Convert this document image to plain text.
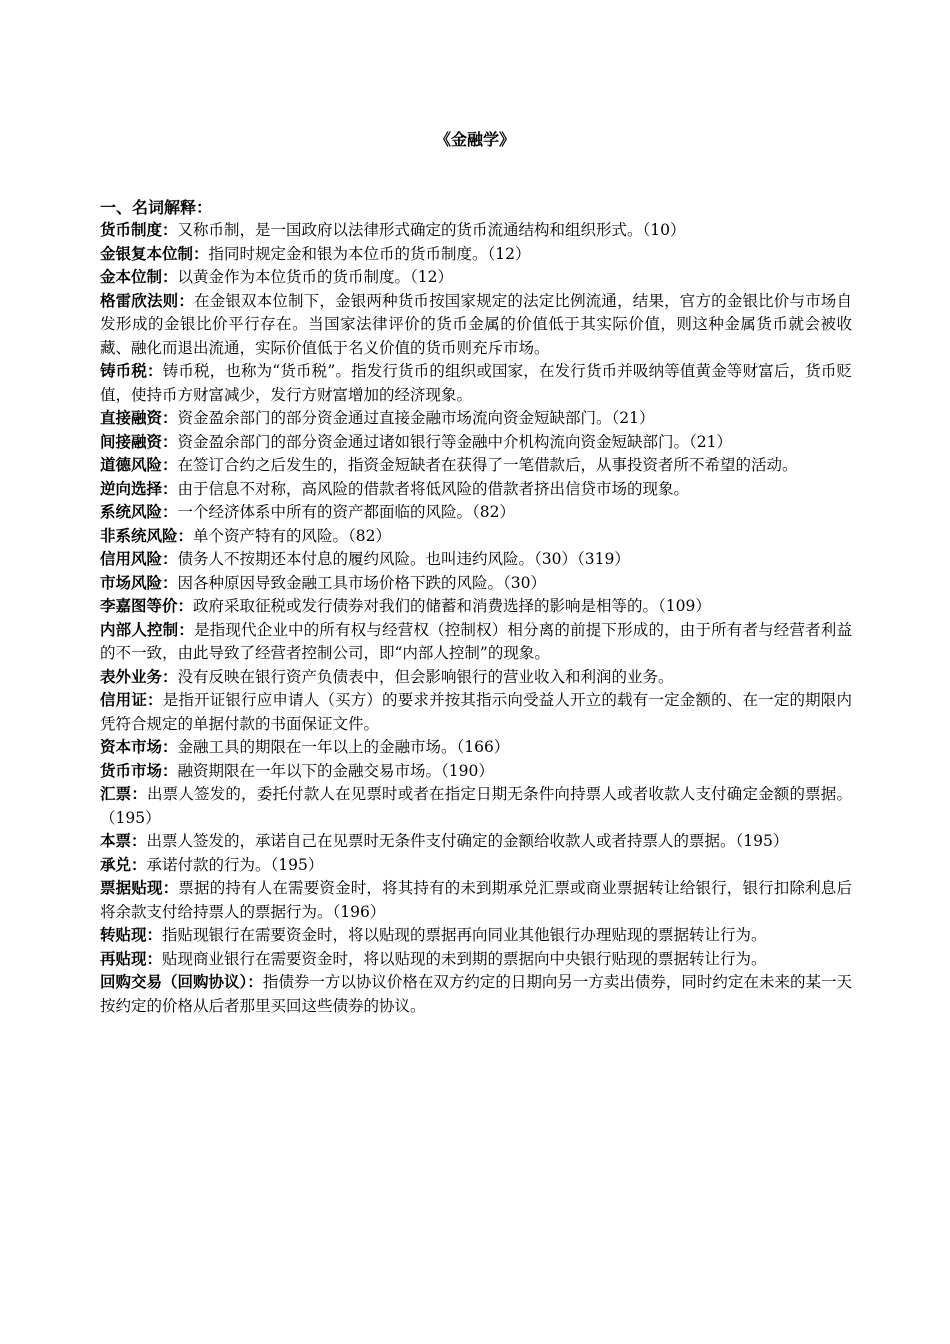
《金融学》
一、名词解释：

货币制度：又称币制，是一国政府以法律形式确定的货币流通结构和组织形式。（10）

金银复本位制：指同时规定金和银为本位币的货币制度。（12）

金本位制：以黄金作为本位货币的货币制度。（12）

格雷欣法则：在金银双本位制下，金银两种货币按国家规定的法定比例流通，结果，官方的金银比价与市场自发形成的金银比价平行存在。当国家法律评价的货币金属的价值低于其实际价值，则这种金属货币就会被收藏、融化而退出流通，实际价值低于名义价值的货币则充斥市场。

铸币税：铸币税，也称为“货币税”。指发行货币的组织或国家，在发行货币并吸纳等值黄金等财富后，货币贬值，使持币方财富减少，发行方财富增加的经济现象。

直接融资：资金盈余部门的部分资金通过直接金融市场流向资金短缺部门。（21）

间接融资：资金盈余部门的部分资金通过诸如银行等金融中介机构流向资金短缺部门。（21）

道德风险：在签订合约之后发生的，指资金短缺者在获得了一笔借款后，从事投资者所不希望的活动。

逆向选择：由于信息不对称，高风险的借款者将低风险的借款者挤出信贷市场的现象。

系统风险：一个经济体系中所有的资产都面临的风险。（82）

非系统风险：单个资产特有的风险。（82）

信用风险：债务人不按期还本付息的履约风险。也叫违约风险。（30）（319）

市场风险：因各种原因导致金融工具市场价格下跌的风险。（30）

李嘉图等价：政府采取征税或发行债券对我们的储蓄和消费选择的影响是相等的。（109）

内部人控制：是指现代企业中的所有权与经营权（控制权）相分离的前提下形成的，由于所有者与经营者利益的不一致，由此导致了经营者控制公司，即“内部人控制”的现象。

表外业务：没有反映在银行资产负债表中，但会影响银行的营业收入和利润的业务。

信用证：是指开证银行应申请人（买方）的要求并按其指示向受益人开立的载有一定金额的、在一定的期限内凭符合规定的单据付款的书面保证文件。

资本市场：金融工具的期限在一年以上的金融市场。（166）

货币市场：融资期限在一年以下的金融交易市场。（190）

汇票：出票人签发的，委托付款人在见票时或者在指定日期无条件向持票人或者收款人支付确定金额的票据。（195）

本票：出票人签发的，承诺自己在见票时无条件支付确定的金额给收款人或者持票人的票据。（195）

承兑：承诺付款的行为。（195）

票据贴现：票据的持有人在需要资金时，将其持有的未到期承兑汇票或商业票据转让给银行，银行扣除利息后将余款支付给持票人的票据行为。（196）

转贴现：指贴现银行在需要资金时，将以贴现的票据再向同业其他银行办理贴现的票据转让行为。

再贴现：贴现商业银行在需要资金时，将以贴现的未到期的票据向中央银行贴现的票据转让行为。

回购交易（回购协议）：指债券一方以协议价格在双方约定的日期向另一方卖出债券，同时约定在未来的某一天按约定的价格从后者那里买回这些债券的协议。
